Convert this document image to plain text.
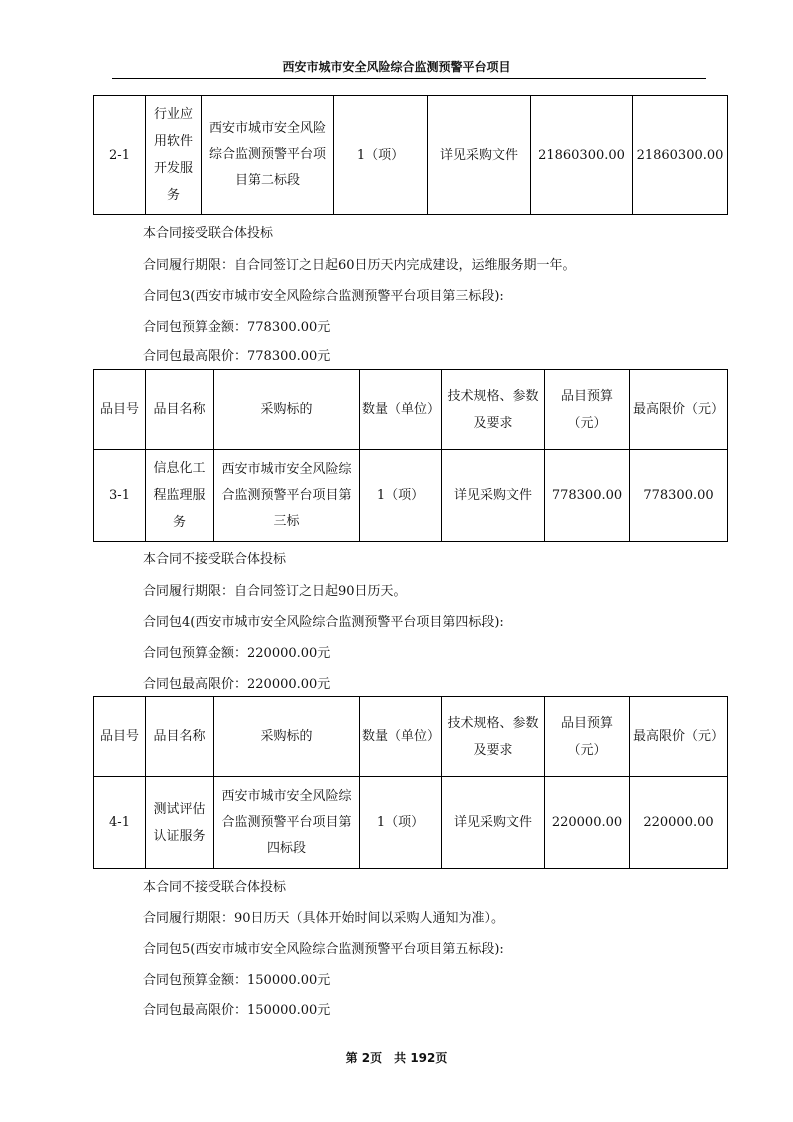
西安市城市安全风险综合监测预警平台项目
2-1	行业应用软件开发服务	西安市城市安全风险综合监测预警平台项目第二标段	1（项）	详见采购文件	21860300.00	21860300.00
本合同接受联合体投标
合同履行期限：自合同签订之日起60日历天内完成建设，运维服务期一年。
合同包3(西安市城市安全风险综合监测预警平台项目第三标段):
合同包预算金额：778300.00元
合同包最高限价：778300.00元
品目号	品目名称	采购标的	数量（单位）	技术规格、参数及要求	品目预算（元）	最高限价（元）
3-1	信息化工程监理服务	西安市城市安全风险综合监测预警平台项目第三标	1（项）	详见采购文件	778300.00	778300.00
本合同不接受联合体投标
合同履行期限：自合同签订之日起90日历天。
合同包4(西安市城市安全风险综合监测预警平台项目第四标段):
合同包预算金额：220000.00元
合同包最高限价：220000.00元
品目号	品目名称	采购标的	数量（单位）	技术规格、参数及要求	品目预算（元）	最高限价（元）
4-1	测试评估认证服务	西安市城市安全风险综合监测预警平台项目第四标段	1（项）	详见采购文件	220000.00	220000.00
本合同不接受联合体投标
合同履行期限：90日历天（具体开始时间以采购人通知为准）。
合同包5(西安市城市安全风险综合监测预警平台项目第五标段):
合同包预算金额：150000.00元
合同包最高限价：150000.00元
第 2页　共 192页
